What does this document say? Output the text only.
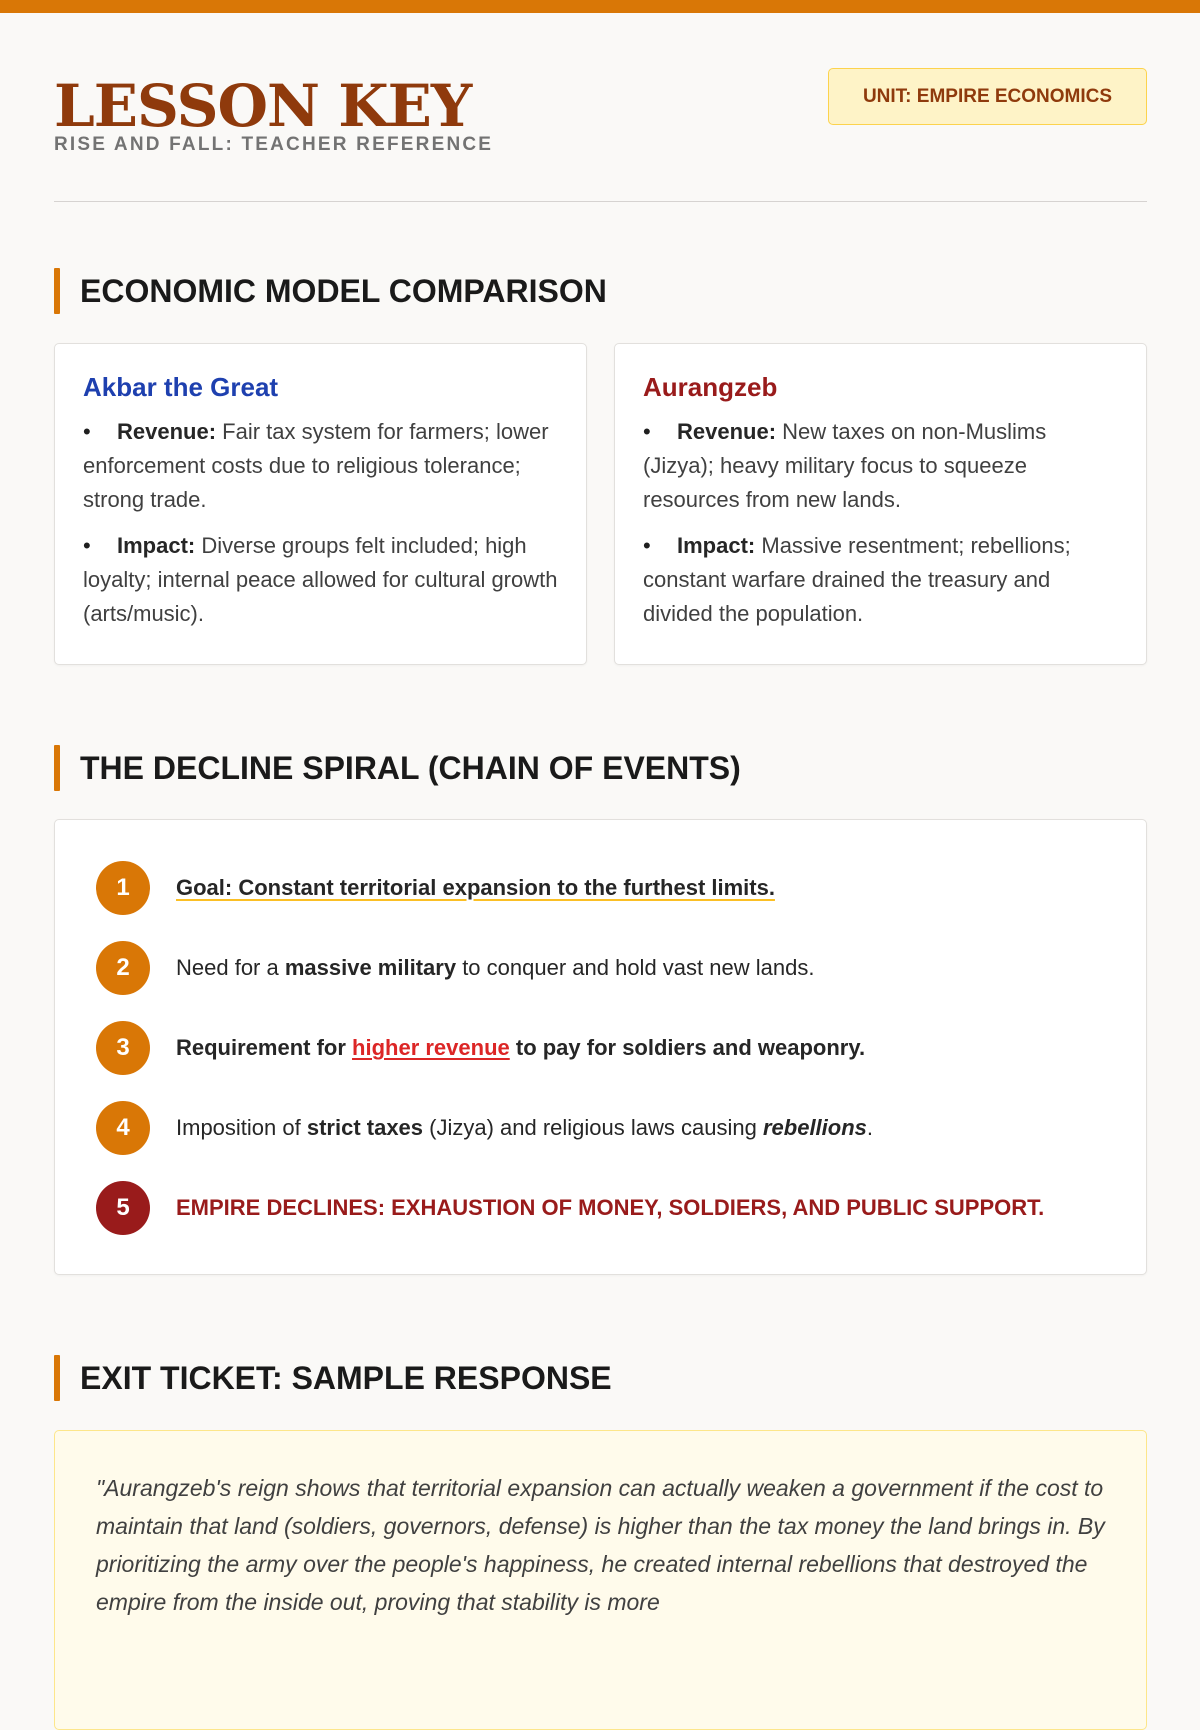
LESSON KEY
RISE AND FALL: TEACHER REFERENCE
UNIT: EMPIRE ECONOMICS
ECONOMIC MODEL COMPARISON
Akbar the Great
• Revenue: Fair tax system for farmers; lower enforcement costs due to religious tolerance; strong trade.
• Impact: Diverse groups felt included; high loyalty; internal peace allowed for cultural growth (arts/music).
Aurangzeb
• Revenue: New taxes on non-Muslims (Jizya); heavy military focus to squeeze resources from new lands.
• Impact: Massive resentment; rebellions; constant warfare drained the treasury and divided the population.
THE DECLINE SPIRAL (CHAIN OF EVENTS)
1	Goal: Constant territorial expansion to the furthest limits.
2	Need for a massive military to conquer and hold vast new lands.
3	Requirement for higher revenue to pay for soldiers and weaponry.
4	Imposition of strict taxes (Jizya) and religious laws causing rebellions.
5	EMPIRE DECLINES: EXHAUSTION OF MONEY, SOLDIERS, AND PUBLIC SUPPORT.
EXIT TICKET: SAMPLE RESPONSE
"Aurangzeb's reign shows that territorial expansion can actually weaken a government if the cost to maintain that land (soldiers, governors, defense) is higher than the tax money the land brings in. By prioritizing the army over the people's happiness, he created internal rebellions that destroyed the empire from the inside out, proving that stability is more
